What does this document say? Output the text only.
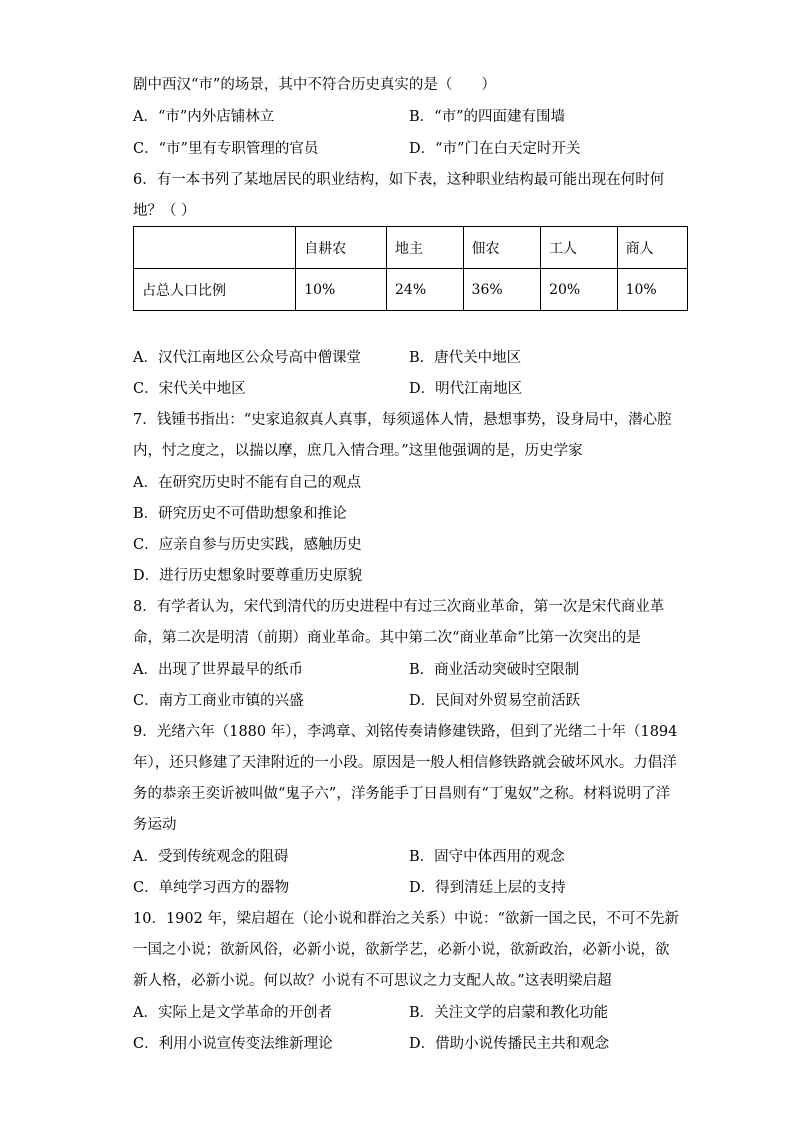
剧中西汉“市”的场景，其中不符合历史真实的是（　　）
A．“市”内外店铺林立	B．“市”的四面建有围墙
C．“市”里有专职管理的官员	D．“市”门在白天定时开关
6．有一本书列了某地居民的职业结构，如下表，这种职业结构最可能出现在何时何
地？（ ）
	自耕农	地主	佃农	工人	商人
占总人口比例	10%	24%	36%	20%	10%
A．汉代江南地区公众号高中僧课堂	B．唐代关中地区
C．宋代关中地区	D．明代江南地区
7．钱锺书指出：“史家追叙真人真事，每须遥体人情，悬想事势，设身局中，潜心腔
内，忖之度之，以揣以摩，庶几入情合理。”这里他强调的是，历史学家
A．在研究历史时不能有自己的观点
B．研究历史不可借助想象和推论
C．应亲自参与历史实践，感触历史
D．进行历史想象时要尊重历史原貌
8．有学者认为，宋代到清代的历史进程中有过三次商业革命，第一次是宋代商业革
命，第二次是明清（前期）商业革命。其中第二次“商业革命”比第一次突出的是
A．出现了世界最早的纸币	B．商业活动突破时空限制
C．南方工商业市镇的兴盛	D．民间对外贸易空前活跃
9．光绪六年（1880 年），李鸿章、刘铭传奏请修建铁路，但到了光绪二十年（1894
年），还只修建了天津附近的一小段。原因是一般人相信修铁路就会破坏风水。力倡洋
务的恭亲王奕䜣被叫做“鬼子六”，洋务能手丁日昌则有“丁鬼奴”之称。材料说明了洋
务运动
A．受到传统观念的阻碍	B．固守中体西用的观念
C．单纯学习西方的器物	D．得到清廷上层的支持
10．1902 年，梁启超在（论小说和群治之关系）中说：“欲新一国之民，不可不先新
一国之小说；欲新风俗，必新小说，欲新学艺，必新小说，欲新政治，必新小说，欲
新人格，必新小说。何以故？小说有不可思议之力支配人故。”这表明梁启超
A．实际上是文学革命的开创者	B．关注文学的启蒙和教化功能
C．利用小说宣传变法维新理论	D．借助小说传播民主共和观念
